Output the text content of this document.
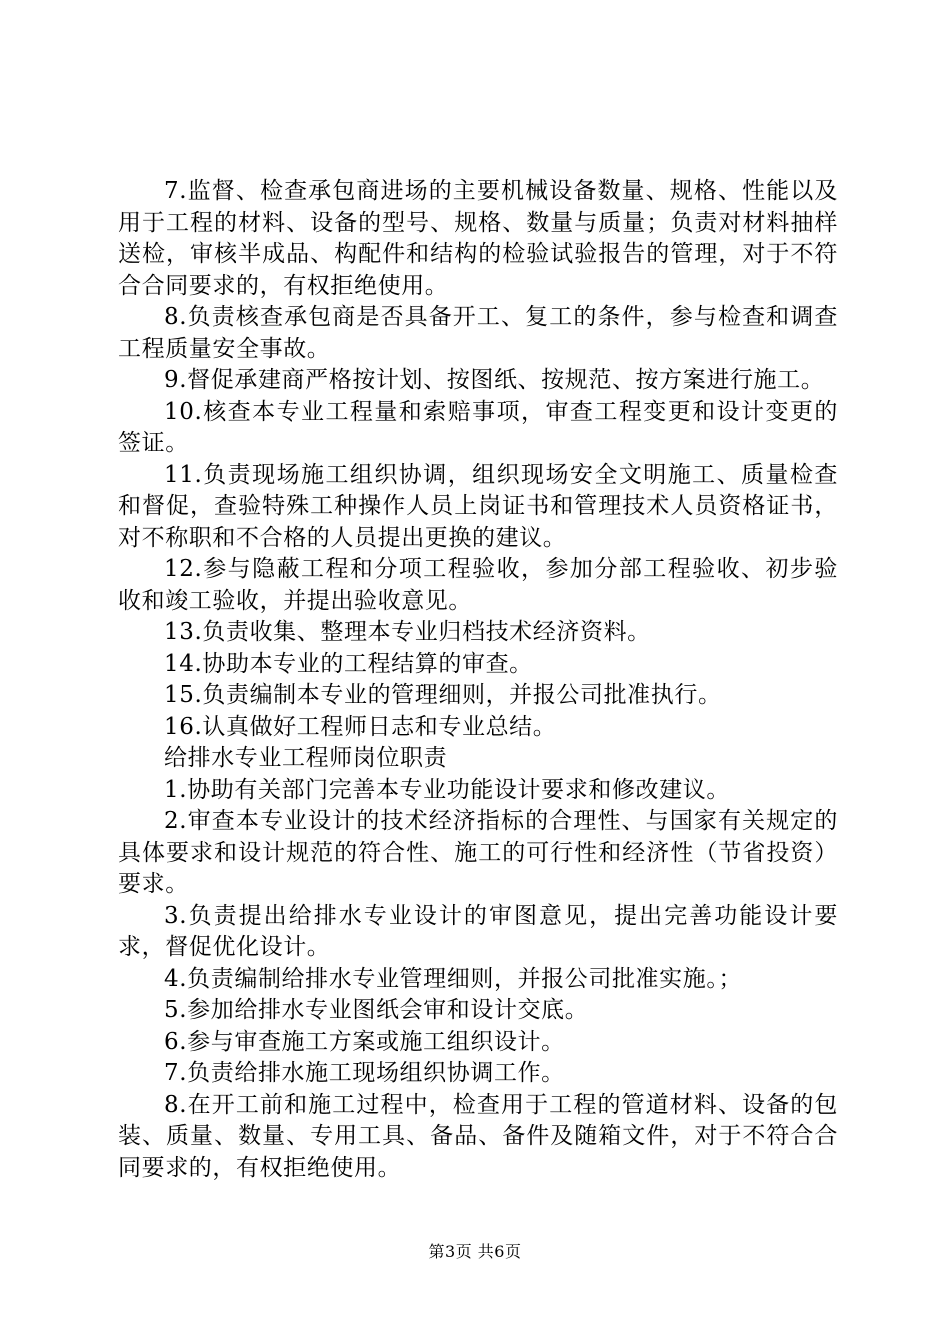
7.监督、检查承包商进场的主要机械设备数量、规格、性能以及用于工程的材料、设备的型号、规格、数量与质量；负责对材料抽样送检，审核半成品、构配件和结构的检验试验报告的管理，对于不符合合同要求的，有权拒绝使用。

8.负责核查承包商是否具备开工、复工的条件，参与检查和调查工程质量安全事故。

9.督促承建商严格按计划、按图纸、按规范、按方案进行施工。

10.核查本专业工程量和索赔事项，审查工程变更和设计变更的签证。

11.负责现场施工组织协调，组织现场安全文明施工、质量检查和督促，查验特殊工种操作人员上岗证书和管理技术人员资格证书，对不称职和不合格的人员提出更换的建议。

12.参与隐蔽工程和分项工程验收，参加分部工程验收、初步验收和竣工验收，并提出验收意见。

13.负责收集、整理本专业归档技术经济资料。

14.协助本专业的工程结算的审查。

15.负责编制本专业的管理细则，并报公司批准执行。

16.认真做好工程师日志和专业总结。

给排水专业工程师岗位职责

1.协助有关部门完善本专业功能设计要求和修改建议。

2.审查本专业设计的技术经济指标的合理性、与国家有关规定的具体要求和设计规范的符合性、施工的可行性和经济性（节省投资）要求。

3.负责提出给排水专业设计的审图意见，提出完善功能设计要求，督促优化设计。

4.负责编制给排水专业管理细则，并报公司批准实施。；

5.参加给排水专业图纸会审和设计交底。

6.参与审查施工方案或施工组织设计。

7.负责给排水施工现场组织协调工作。

8.在开工前和施工过程中，检查用于工程的管道材料、设备的包装、质量、数量、专用工具、备品、备件及随箱文件，对于不符合合同要求的，有权拒绝使用。

第3页 共6页
